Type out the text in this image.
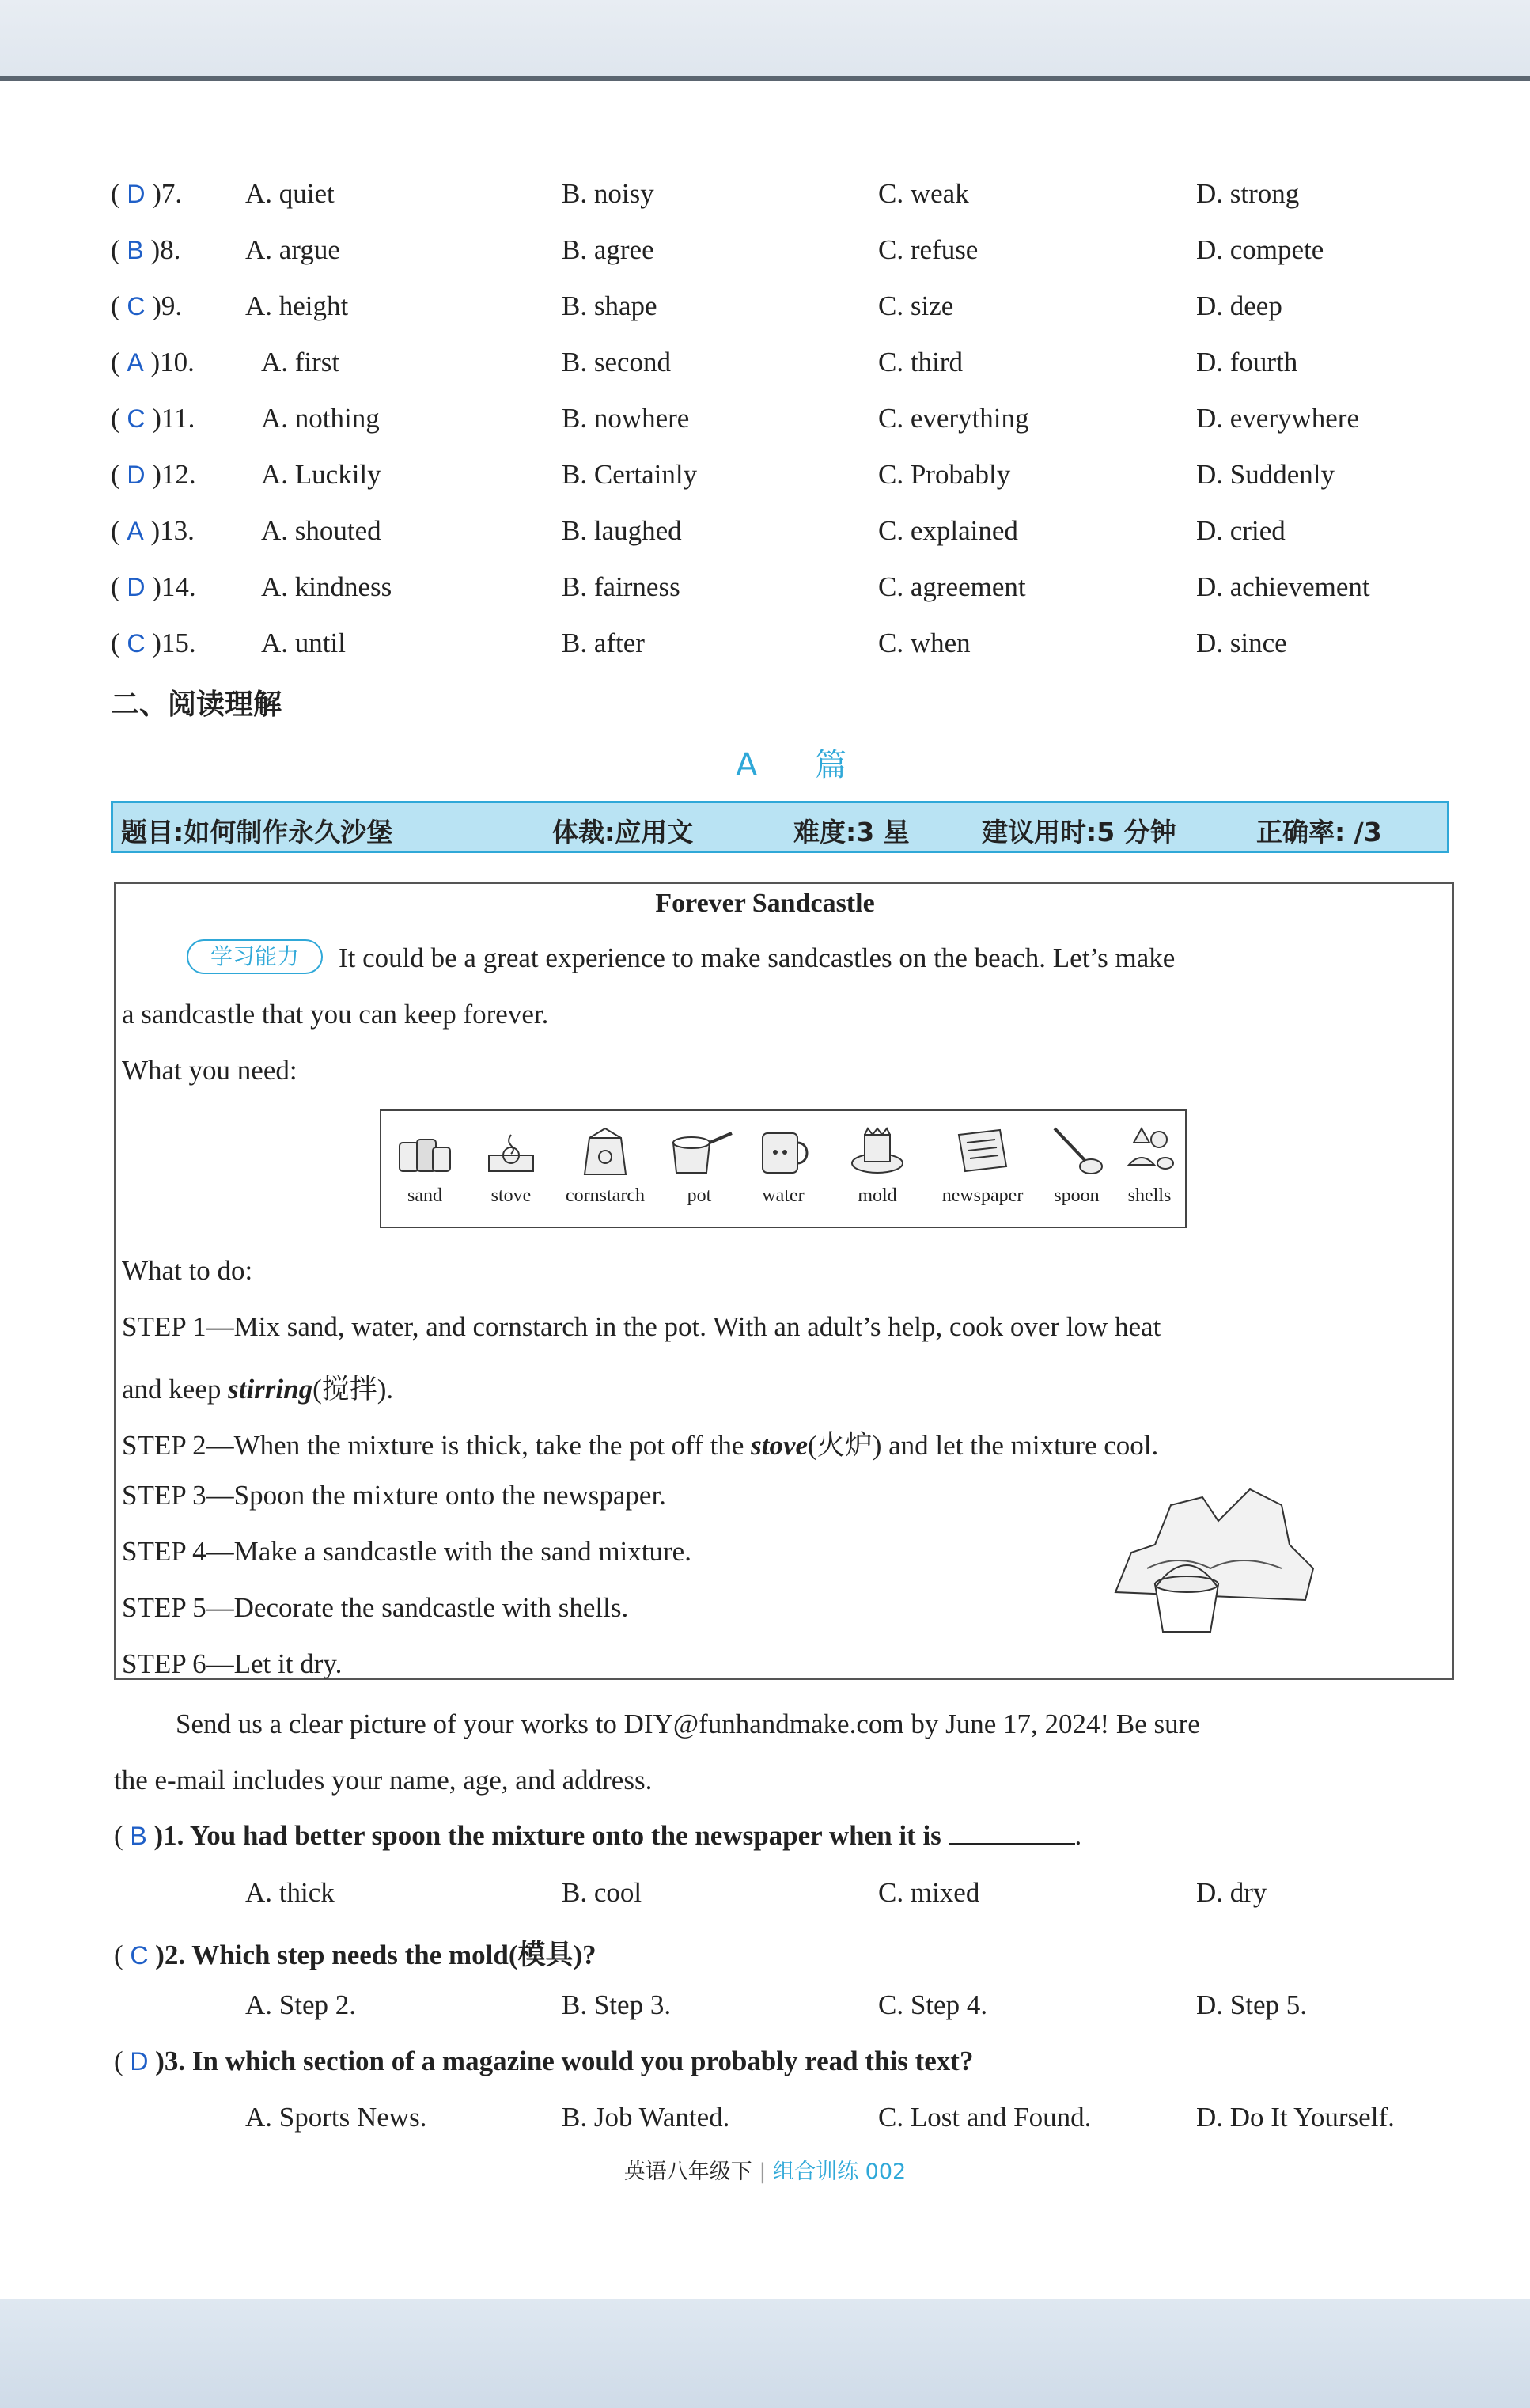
( D )7. A. quiet	B. noisy	C. weak	D. strong
( B )8. A. argue	B. agree	C. refuse	D. compete
( C )9. A. height	B. shape	C. size	D. deep
( A )10. A. first	B. second	C. third	D. fourth
( C )11. A. nothing	B. nowhere	C. everything	D. everywhere
( D )12. A. Luckily	B. Certainly	C. Probably	D. Suddenly
( A )13. A. shouted	B. laughed	C. explained	D. cried
( D )14. A. kindness	B. fairness	C. agreement	D. achievement
( C )15. A. until	B. after	C. when	D. since
二、阅读理解
A 篇
题目:如何制作永久沙堡	体裁:应用文	难度:3 星	建议用时:5 分钟	正确率: /3
Forever Sandcastle
学习能力	It could be a great experience to make sandcastles on the beach. Let’s make
a sandcastle that you can keep forever.
What you need:
sand	stove	cornstarch	pot	water	mold	newspaper	spoon	shells
What to do:
STEP 1—Mix sand, water, and cornstarch in the pot. With an adult’s help, cook over low heat
and keep stirring(搅拌).
STEP 2—When the mixture is thick, take the pot off the stove(火炉) and let the mixture cool.
STEP 3—Spoon the mixture onto the newspaper.
STEP 4—Make a sandcastle with the sand mixture.
STEP 5—Decorate the sandcastle with shells.
STEP 6—Let it dry.
Send us a clear picture of your works to DIY@funhandmake.com by June 17, 2024! Be sure
the e-mail includes your name, age, and address.
( B )1. You had better spoon the mixture onto the newspaper when it is	.
A. thick	B. cool	C. mixed	D. dry
( C )2. Which step needs the mold(模具)?
A. Step 2.	B. Step 3.	C. Step 4.	D. Step 5.
( D )3. In which section of a magazine would you probably read this text?
A. Sports News.	B. Job Wanted.	C. Lost and Found.	D. Do It Yourself.
英语八年级下 | 组合训练 002
